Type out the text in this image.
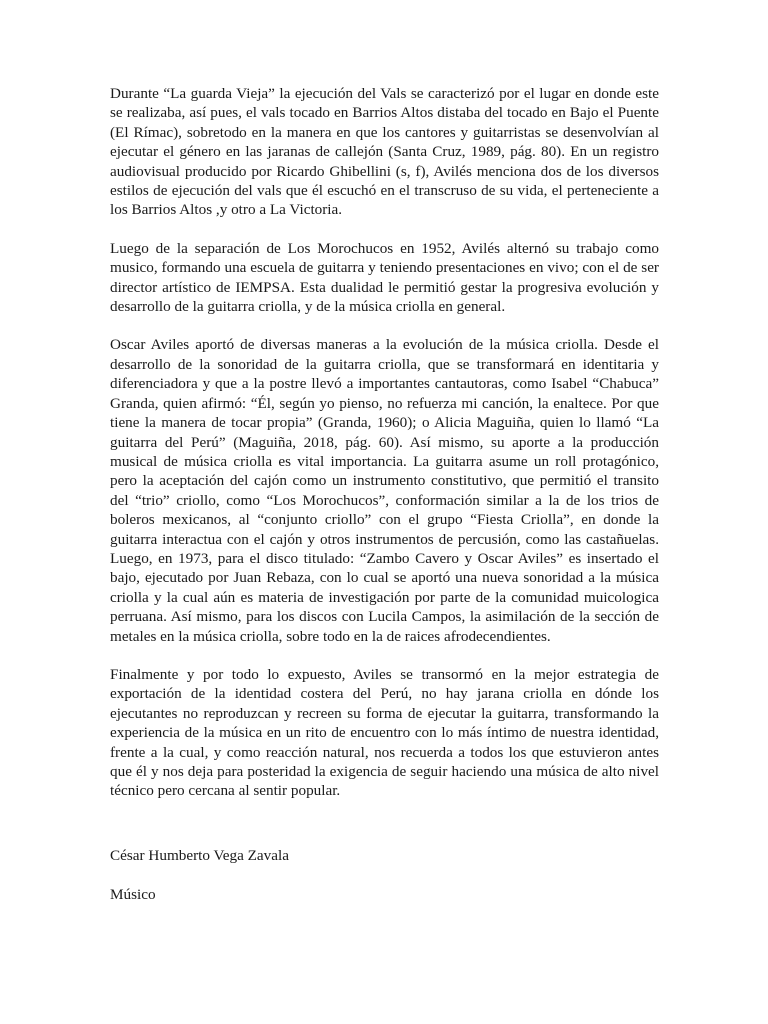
Durante “La guarda Vieja” la ejecución del Vals se caracterizó por el lugar en donde este se realizaba, así pues, el vals tocado en Barrios Altos distaba del tocado en Bajo el Puente (El Rímac), sobretodo en la manera en que los cantores y guitarristas se desenvolvían al ejecutar el género en las jaranas de callejón (Santa Cruz, 1989, pág. 80). En un registro audiovisual producido por Ricardo Ghibellini (s, f), Avilés menciona dos de los diversos estilos de ejecución del vals que él escuchó en el transcruso de su vida, el perteneciente a los Barrios Altos ,y otro a La Victoria.

Luego de la separación de Los Morochucos en 1952, Avilés alternó su trabajo como musico, formando una escuela de guitarra y teniendo presentaciones en vivo; con el de ser director artístico de IEMPSA. Esta dualidad le permitió gestar la progresiva evolución y desarrollo de la guitarra criolla, y de la música criolla en general.

Oscar Aviles aportó de diversas maneras a la evolución de la música criolla. Desde el desarrollo de la sonoridad de la guitarra criolla, que se transformará en identitaria y diferenciadora y que a la postre llevó a importantes cantautoras, como Isabel “Chabuca” Granda, quien afirmó: “Él, según yo pienso, no refuerza mi canción, la enaltece. Por que tiene la manera de tocar propia” (Granda, 1960); o Alicia Maguiña, quien lo llamó “La guitarra del Perú” (Maguiña, 2018, pág. 60). Así mismo, su aporte a la producción musical de música criolla es vital importancia. La guitarra asume un roll protagónico, pero la aceptación del cajón como un instrumento constitutivo, que permitió el transito del “trio” criollo, como “Los Morochucos”, conformación similar a la de los trios de boleros mexicanos, al “conjunto criollo” con el grupo “Fiesta Criolla”, en donde la guitarra interactua con el cajón y otros instrumentos de percusión, como las castañuelas. Luego, en 1973, para el disco titulado: “Zambo Cavero y Oscar Aviles” es insertado el bajo, ejecutado por Juan Rebaza, con lo cual se aportó una nueva sonoridad a la música criolla y la cual aún es materia de investigación por parte de la comunidad muicologica perruana. Así mismo, para los discos con Lucila Campos, la asimilación de la sección de metales en la música criolla, sobre todo en la de raices afrodecendientes.

Finalmente y por todo lo expuesto, Aviles se transormó en la mejor estrategia de exportación de la identidad costera del Perú, no hay jarana criolla en dónde los ejecutantes no reproduzcan y recreen su forma de ejecutar la guitarra, transformando la experiencia de la música en un rito de encuentro con lo más íntimo de nuestra identidad, frente a la cual, y como reacción natural, nos recuerda a todos los que estuvieron antes que él y nos deja para posteridad la exigencia de seguir haciendo una música de alto nivel técnico pero cercana al sentir popular.

César Humberto Vega Zavala

Músico
